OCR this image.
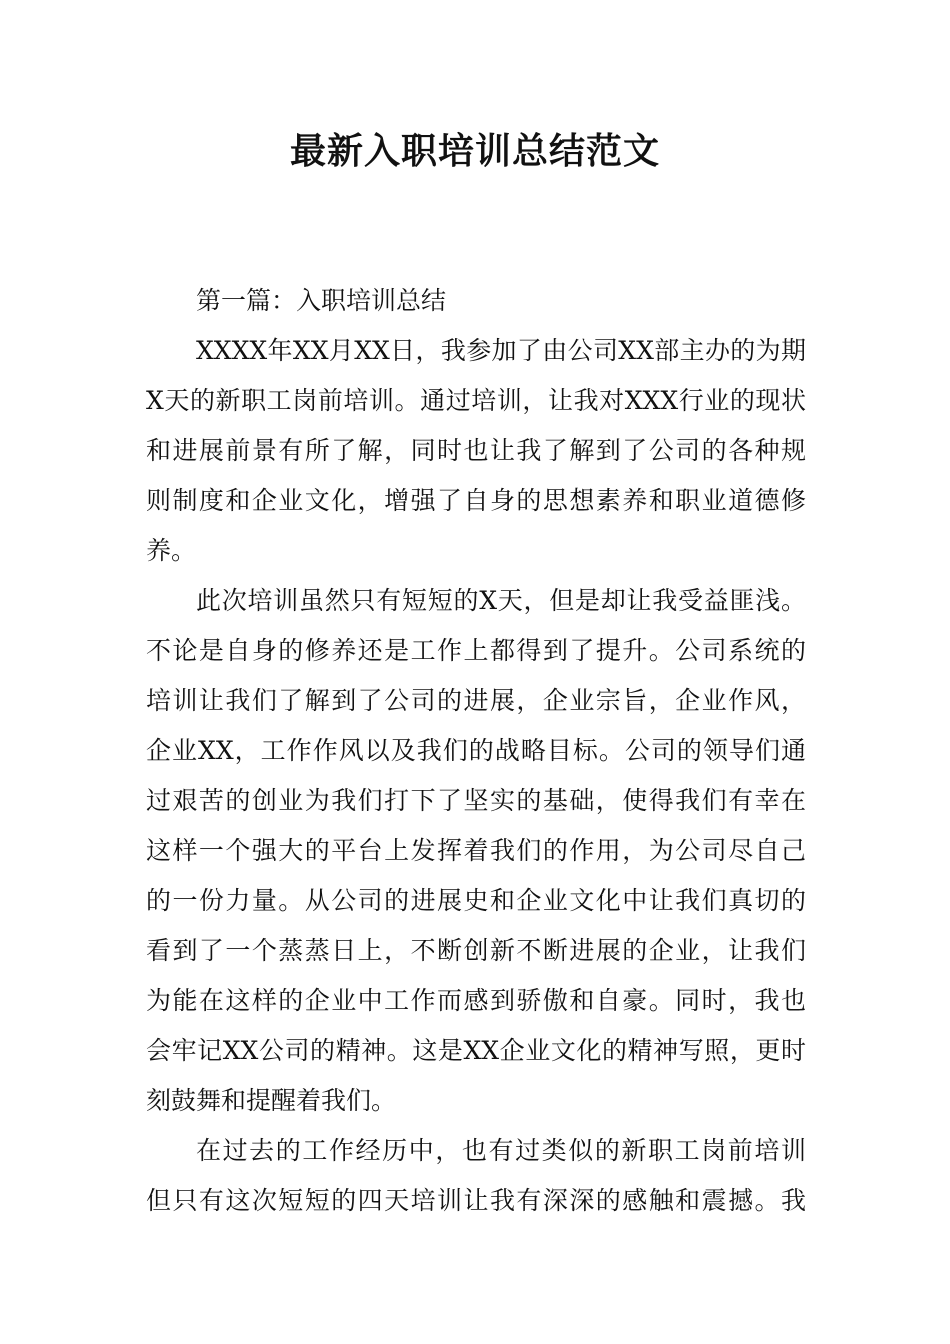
最新入职培训总结范文
第一篇：入职培训总结
XXXX年XX月XX日，我参加了由公司XX部主办的为期
X天的新职工岗前培训。通过培训，让我对XXX行业的现状
和进展前景有所了解，同时也让我了解到了公司的各种规
则制度和企业文化，增强了自身的思想素养和职业道德修
养。
此次培训虽然只有短短的X天，但是却让我受益匪浅。
不论是自身的修养还是工作上都得到了提升。公司系统的
培训让我们了解到了公司的进展，企业宗旨，企业作风，
企业XX，工作作风以及我们的战略目标。公司的领导们通
过艰苦的创业为我们打下了坚实的基础，使得我们有幸在
这样一个强大的平台上发挥着我们的作用，为公司尽自己
的一份力量。从公司的进展史和企业文化中让我们真切的
看到了一个蒸蒸日上，不断创新不断进展的企业，让我们
为能在这样的企业中工作而感到骄傲和自豪。同时，我也
会牢记XX公司的精神。这是XX企业文化的精神写照，更时
刻鼓舞和提醒着我们。
在过去的工作经历中，也有过类似的新职工岗前培训
但只有这次短短的四天培训让我有深深的感触和震撼。我
